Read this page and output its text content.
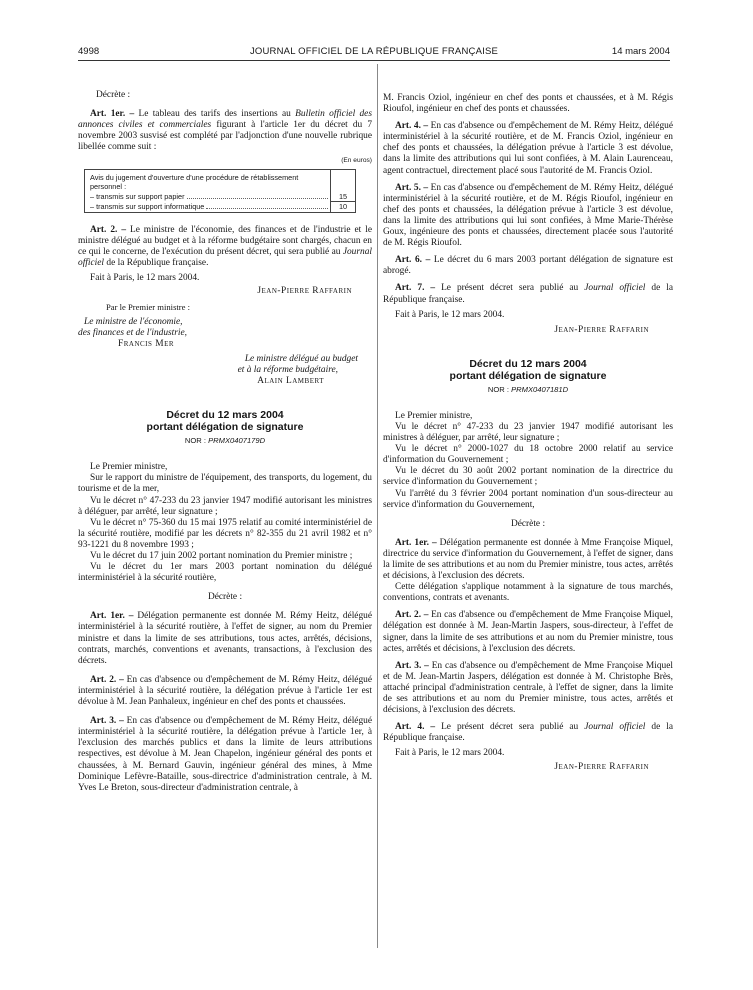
4998	JOURNAL OFFICIEL DE LA RÉPUBLIQUE FRANÇAISE	14 mars 2004

Décrète :

Art. 1er. – Le tableau des tarifs des insertions au Bulletin officiel des annonces civiles et commerciales figurant à l'article 1er du décret du 7 novembre 2003 susvisé est complété par l'adjonction d'une nouvelle rubrique libellée comme suit :

(En euros)
Avis du jugement d'ouverture d'une procédure de rétablissement personnel :
– transmis sur support papier	15
– transmis sur support informatique	10

Art. 2. – Le ministre de l'économie, des finances et de l'industrie et le ministre délégué au budget et à la réforme budgétaire sont chargés, chacun en ce qui le concerne, de l'exécution du présent décret, qui sera publié au Journal officiel de la République française.

Fait à Paris, le 12 mars 2004.

Jean-Pierre Raffarin

Par le Premier ministre :

Le ministre de l'économie,

des finances et de l'industrie,

Francis Mer

Le ministre délégué au budget

et à la réforme budgétaire,

Alain Lambert

Décret du 12 mars 2004
portant délégation de signature
NOR : PRMX0407179D

Le Premier ministre,

Sur le rapport du ministre de l'équipement, des transports, du logement, du tourisme et de la mer,

Vu le décret n° 47-233 du 23 janvier 1947 modifié autorisant les ministres à déléguer, par arrêté, leur signature ;

Vu le décret n° 75-360 du 15 mai 1975 relatif au comité interministériel de la sécurité routière, modifié par les décrets n° 82-355 du 21 avril 1982 et n° 93-1221 du 8 novembre 1993 ;

Vu le décret du 17 juin 2002 portant nomination du Premier ministre ;

Vu le décret du 1er mars 2003 portant nomination du délégué interministériel à la sécurité routière,

Décrète :

Art. 1er. – Délégation permanente est donnée M. Rémy Heitz, délégué interministériel à la sécurité routière, à l'effet de signer, au nom du Premier ministre et dans la limite de ses attributions, tous actes, arrêtés, décisions, contrats, marchés, conventions et avenants, transactions, à l'exclusion des décrets.

Art. 2. – En cas d'absence ou d'empêchement de M. Rémy Heitz, délégué interministériel à la sécurité routière, la délégation prévue à l'article 1er est dévolue à M. Jean Panhaleux, ingénieur en chef des ponts et chaussées.

Art. 3. – En cas d'absence ou d'empêchement de M. Rémy Heitz, délégué interministériel à la sécurité routière, la délégation prévue à l'article 1er, à l'exclusion des marchés publics et dans la limite de leurs attributions respectives, est dévolue à M. Jean Chapelon, ingénieur général des ponts et chaussées, à M. Bernard Gauvin, ingénieur général des mines, à Mme Dominique Lefèvre-Bataille, sous-directrice d'administration centrale, à M. Yves Le Breton, sous-directeur d'administration centrale, à

M. Francis Oziol, ingénieur en chef des ponts et chaussées, et à M. Régis Rioufol, ingénieur en chef des ponts et chaussées.

Art. 4. – En cas d'absence ou d'empêchement de M. Rémy Heitz, délégué interministériel à la sécurité routière, et de M. Francis Oziol, ingénieur en chef des ponts et chaussées, la délégation prévue à l'article 3 est dévolue, dans la limite des attributions qui lui sont confiées, à M. Alain Laurenceau, agent contractuel, directement placé sous l'autorité de M. Francis Oziol.

Art. 5. – En cas d'absence ou d'empêchement de M. Rémy Heitz, délégué interministériel à la sécurité routière, et de M. Régis Rioufol, ingénieur en chef des ponts et chaussées, la délégation prévue à l'article 3 est dévolue, dans la limite des attributions qui lui sont confiées, à Mme Marie-Thérèse Goux, ingénieure des ponts et chaussées, directement placée sous l'autorité de M. Régis Rioufol.

Art. 6. – Le décret du 6 mars 2003 portant délégation de signature est abrogé.

Art. 7. – Le présent décret sera publié au Journal officiel de la République française.

Fait à Paris, le 12 mars 2004.

Jean-Pierre Raffarin

Décret du 12 mars 2004
portant délégation de signature
NOR : PRMX0407181D

Le Premier ministre,

Vu le décret n° 47-233 du 23 janvier 1947 modifié autorisant les ministres à déléguer, par arrêté, leur signature ;

Vu le décret n° 2000-1027 du 18 octobre 2000 relatif au service d'information du Gouvernement ;

Vu le décret du 30 août 2002 portant nomination de la directrice du service d'information du Gouvernement ;

Vu l'arrêté du 3 février 2004 portant nomination d'un sous-directeur au service d'information du Gouvernement,

Décrète :

Art. 1er. – Délégation permanente est donnée à Mme Françoise Miquel, directrice du service d'information du Gouvernement, à l'effet de signer, dans la limite de ses attributions et au nom du Premier ministre, tous actes, arrêtés et décisions, à l'exclusion des décrets.

Cette délégation s'applique notamment à la signature de tous marchés, conventions, contrats et avenants.

Art. 2. – En cas d'absence ou d'empêchement de Mme Françoise Miquel, délégation est donnée à M. Jean-Martin Jaspers, sous-directeur, à l'effet de signer, dans la limite de ses attributions et au nom du Premier ministre, tous actes, arrêtés et décisions, à l'exclusion des décrets.

Art. 3. – En cas d'absence ou d'empêchement de Mme Françoise Miquel et de M. Jean-Martin Jaspers, délégation est donnée à M. Christophe Brès, attaché principal d'administration centrale, à l'effet de signer, dans la limite de ses attributions et au nom du Premier ministre, tous actes, arrêtés et décisions, à l'exclusion des décrets.

Art. 4. – Le présent décret sera publié au Journal officiel de la République française.

Fait à Paris, le 12 mars 2004.

Jean-Pierre Raffarin
